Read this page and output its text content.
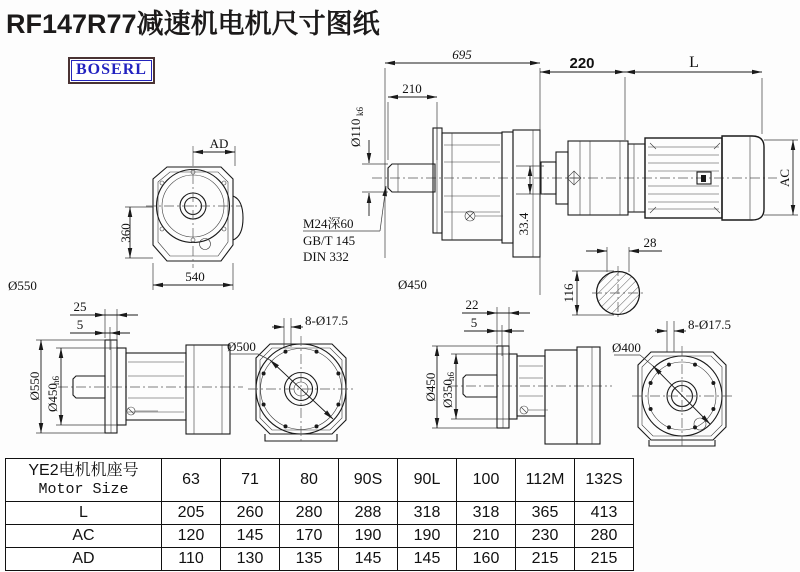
RF147R77减速机电机尺寸图纸
BOSERL
AD
360
540
Ø550
695
220	L
210
Ø110
k6
M24深60
GB/T 145
DIN 332
33.4
AC
Ø450
28
116
25
5
Ø550 Ø450
h6
Ø500
8-Ø17.5
22
5
Ø450 Ø350
h6
Ø400
8-Ø17.5
YE2电机机座号
Motor Size	63	71	80	90S	90L	100	112M	132S
L	205	260	280	288	318	318	365	413
AC	120	145	170	190	190	210	230	280
AD	110	130	135	145	145	160	215	215
